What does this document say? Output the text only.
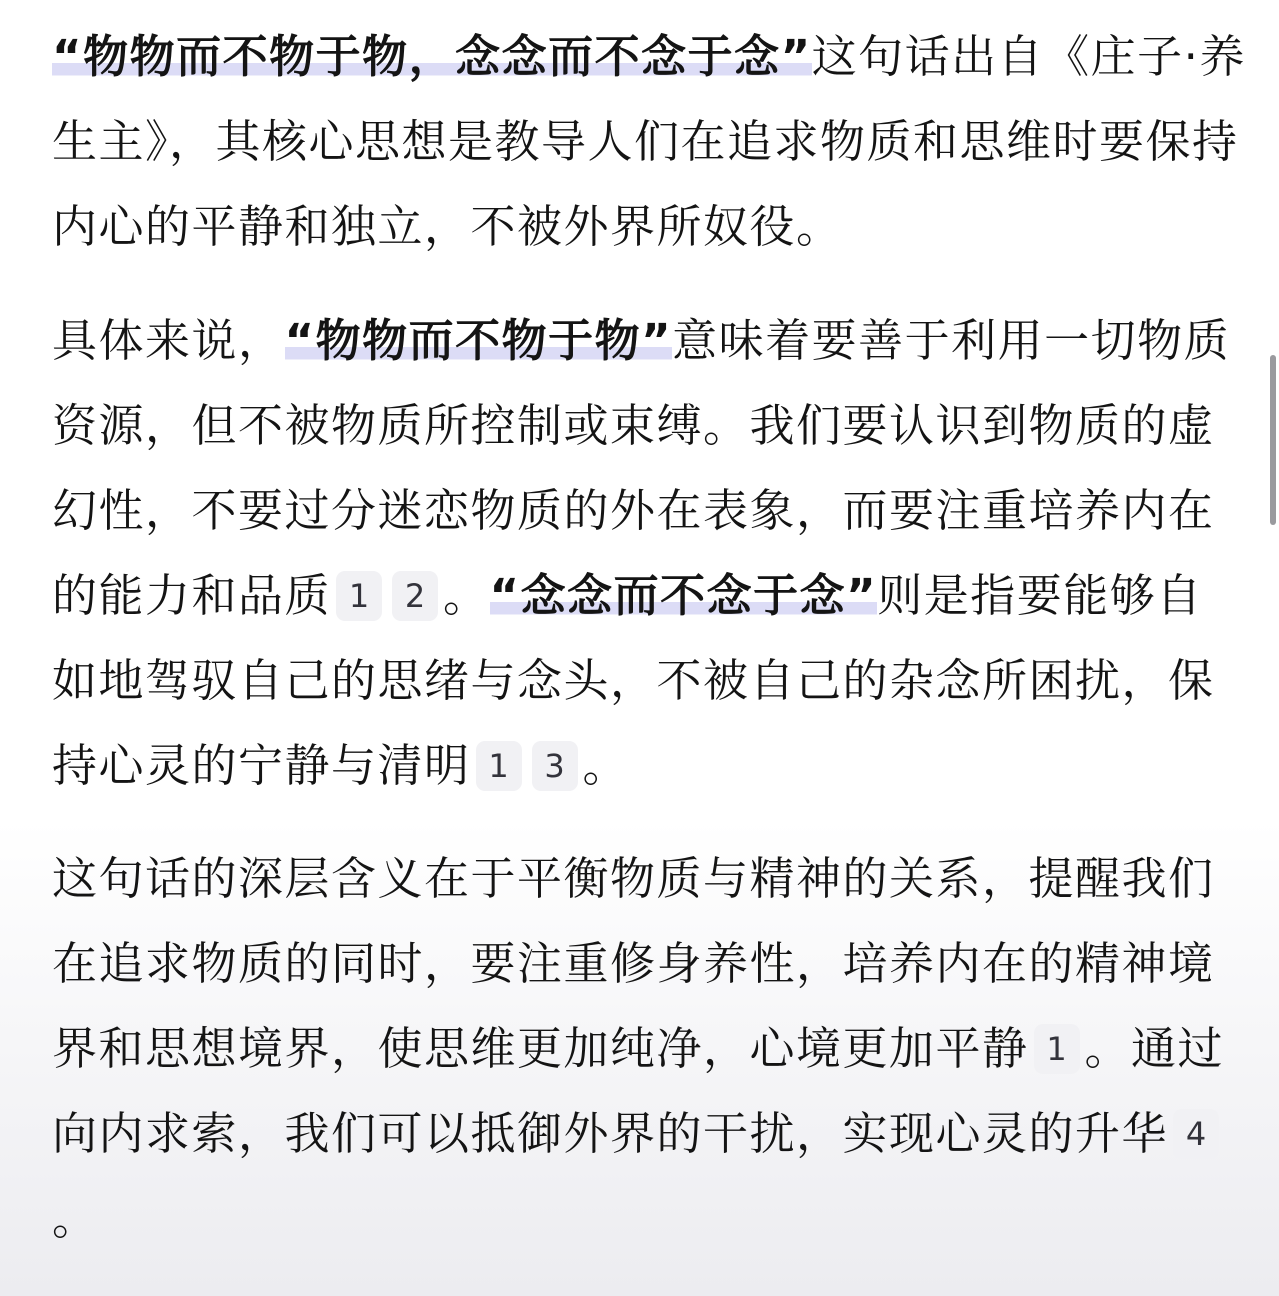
“物物而不物于物，念念而不念于念”这句话出自《庄子·养生主》，其核心思想是教导人们在追求物质和思维时要保持内心的平静和独立，不被外界所奴役。

具体来说，“物物而不物于物”意味着要善于利用一切物质资源，但不被物质所控制或束缚。我们要认识到物质的虚幻性，不要过分迷恋物质的外在表象，而要注重培养内在的能力和品质 1 2 。“念念而不念于念”则是指要能够自如地驾驭自己的思绪与念头，不被自己的杂念所困扰，保持心灵的宁静与清明 1 3 。

这句话的深层含义在于平衡物质与精神的关系，提醒我们在追求物质的同时，要注重修身养性，培养内在的精神境界和思想境界，使思维更加纯净，心境更加平静 1 。通过向内求索，我们可以抵御外界的干扰，实现心灵的升华 4。
